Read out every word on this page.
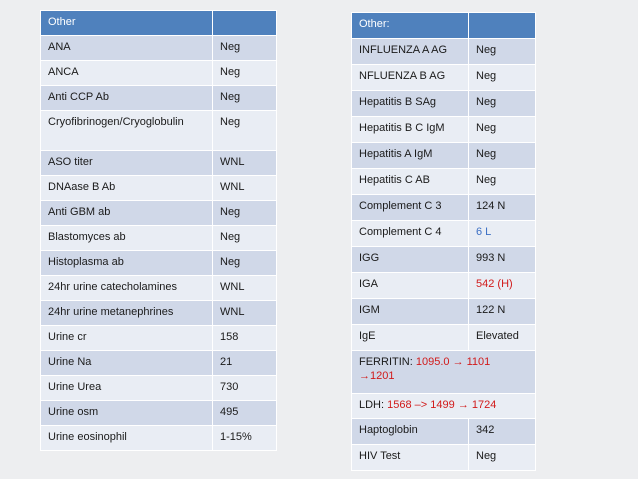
Other	
ANA	Neg
ANCA	Neg
Anti CCP Ab	Neg
Cryofibrinogen/Cryoglobulin	Neg
ASO titer	WNL
DNAase B Ab	WNL
Anti GBM ab	Neg
Blastomyces ab	Neg
Histoplasma ab	Neg
24hr urine catecholamines	WNL
24hr urine metanephrines	WNL
Urine cr	158
Urine Na	21
Urine Urea	730
Urine osm	495
Urine eosinophil	1-15%
Other:	
INFLUENZA A AG	Neg
NFLUENZA B AG	Neg
Hepatitis B SAg	Neg
Hepatitis B C IgM	Neg
Hepatitis A IgM	Neg
Hepatitis C AB	Neg
Complement C 3	124 N
Complement C 4	6 L
IGG	993 N
IGA	542 (H)
IGM	122 N
IgE	Elevated
FERRITIN: 1095.0 → 1101
→1201	
LDH: 1568 –> 1499 → 1724	
Haptoglobin	342
HIV Test	Neg
